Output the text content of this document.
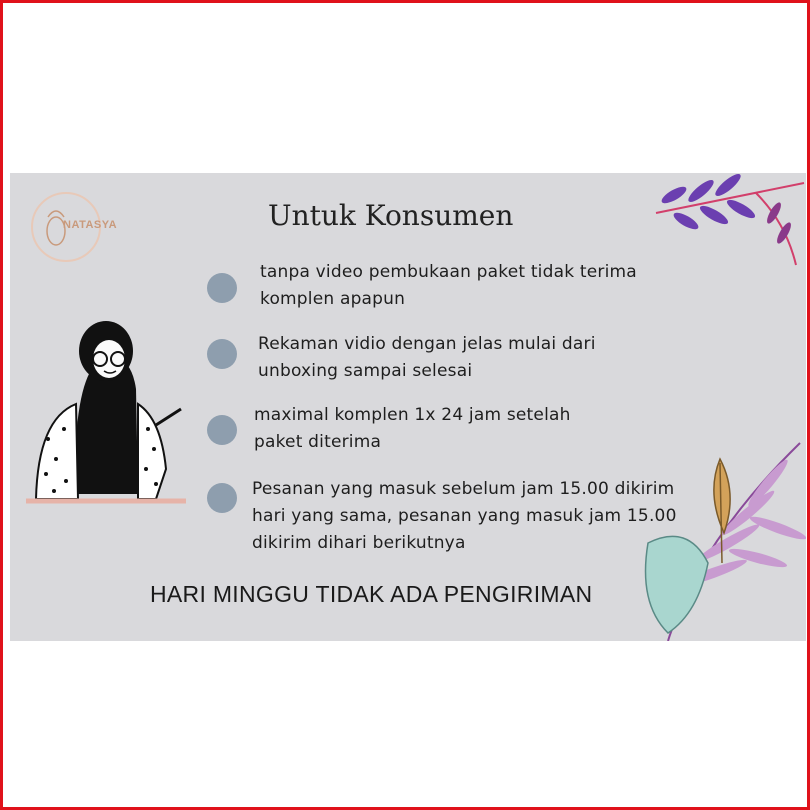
NATASYA	Untuk Konsumen
tanpa video pembukaan paket tidak terima
komplen apapun
Rekaman vidio dengan jelas mulai dari
unboxing sampai selesai
maximal komplen 1x 24 jam setelah
paket diterima
Pesanan yang masuk sebelum jam 15.00 dikirim
hari yang sama, pesanan yang masuk jam 15.00
dikirim dihari berikutnya
HARI MINGGU TIDAK ADA PENGIRIMAN
